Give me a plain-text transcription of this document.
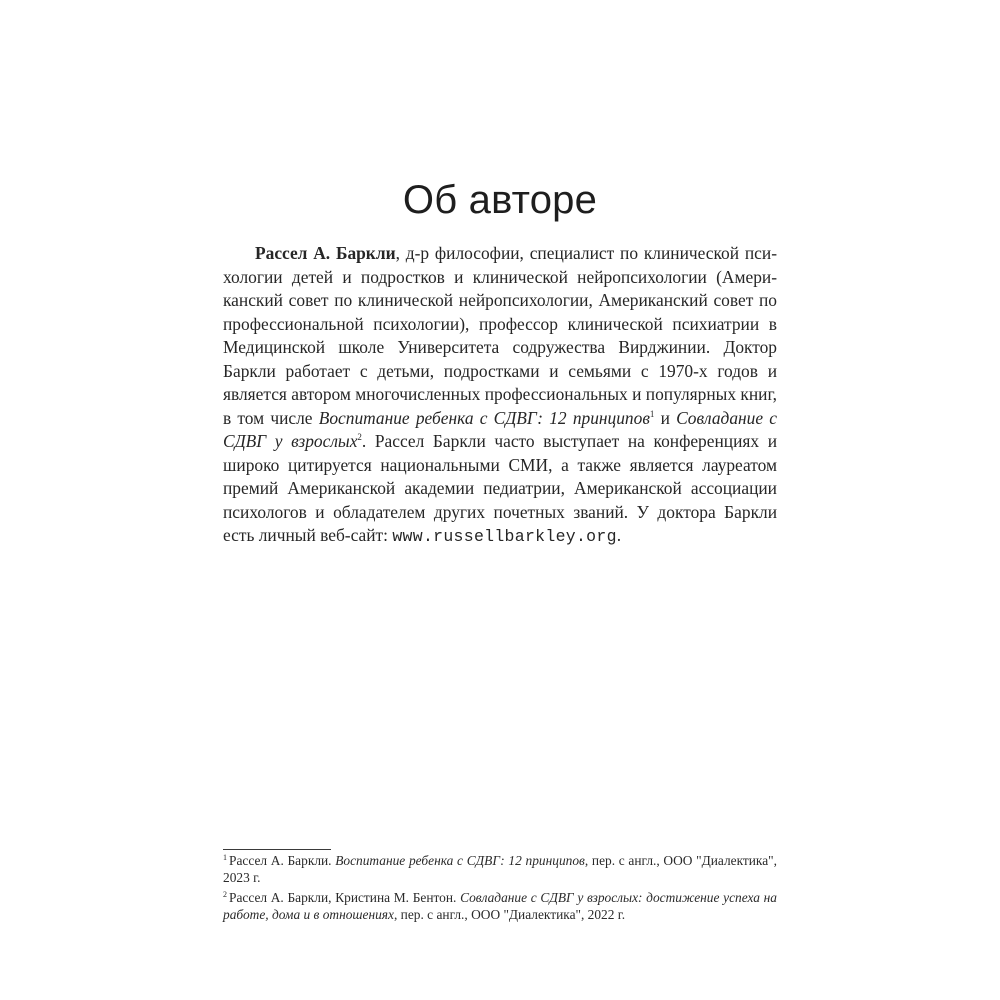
Об авторе

Рассел А. Баркли, д-р философии, специалист по клинической психологии детей и подростков и клинической нейропсихологии (Американский совет по клинической нейропсихологии, Американский совет по профессиональной психологии), профессор клинической психиатрии в Медицинской школе Университета содружества Вирджинии. Доктор Баркли работает с детьми, подростками и семьями с 1970-х годов и является автором многочисленных профессиональных и популярных книг, в том числе Воспитание ребенка с СДВГ: 12 принципов$^1$ и Совладание с СДВГ у взрослых$^2$. Рассел Баркли часто выступает на конференциях и широко цитируется национальными СМИ, а также является лауреатом премий Американской академии педиатрии, Американской ассоциации психологов и обладателем других почетных званий. У доктора Баркли есть личный веб-сайт: www.russellbarkley.org.

$^1$ Рассел А. Баркли. Воспитание ребенка с СДВГ: 12 принципов, пер. с англ., ООО "Диалектика", 2023 г.

$^2$ Рассел А. Баркли, Кристина М. Бентон. Совладание с СДВГ у взрослых: достижение успеха на работе, дома и в отношениях, пер. с англ., ООО "Диалектика", 2022 г.
